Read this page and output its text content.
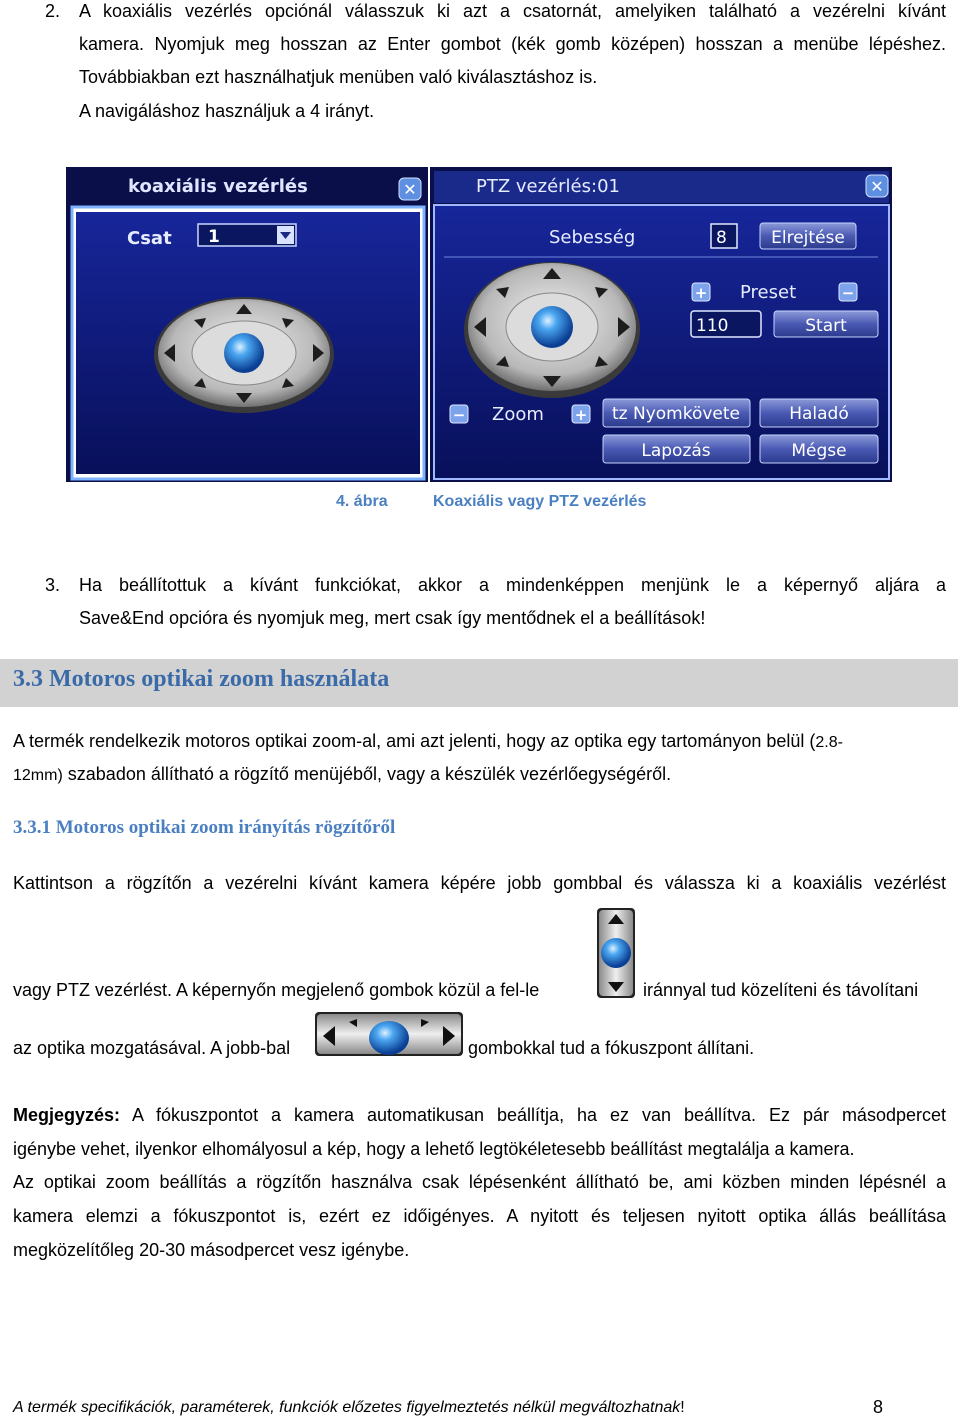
2. A koaxiális vezérlés opciónál válasszuk ki azt a csatornát, amelyiken található a vezérelni kívánt
kamera. Nyomjuk meg hosszan az Enter gombot (kék gomb középen) hosszan a menübe lépéshez.
Továbbiakban ezt használhatjuk menüben való kiválasztáshoz is.
A navigáláshoz használjuk a 4 irányt.
koaxiális vezérlés	✕
Csat 1
PTZ vezérlés:01	✕
Sebesség	8	Elrejtése
+ Preset	−
110	Start
− Zoom + tz Nyomkövete	Haladó
Lapozás	Mégse
4. ábra	Koaxiális vagy PTZ vezérlés
3. Ha beállítottuk a kívánt funkciókat, akkor a mindenképpen menjünk le a képernyő aljára a
Save&End opcióra és nyomjuk meg, mert csak így mentődnek el a beállítások!
3.3 Motoros optikai zoom használata
A termék rendelkezik motoros optikai zoom-al, ami azt jelenti, hogy az optika egy tartományon belül (2.8-
12mm) szabadon állítható a rögzítő menüjéből, vagy a készülék vezérlőegységéről.
3.3.1 Motoros optikai zoom irányítás rögzítőről
Kattintson a rögzítőn a vezérelni kívánt kamera képére jobb gombbal és válassza ki a koaxiális vezérlést
vagy PTZ vezérlést. A képernyőn megjelenő gombok közül a fel-le	iránnyal tud közelíteni és távolítani
az optika mozgatásával. A jobb-bal	gombokkal tud a fókuszpont állítani.
Megjegyzés: A fókuszpontot a kamera automatikusan beállítja, ha ez van beállítva. Ez pár másodpercet
igénybe vehet, ilyenkor elhomályosul a kép, hogy a lehető legtökéletesebb beállítást megtalálja a kamera.
Az optikai zoom beállítás a rögzítőn használva csak lépésenként állítható be, ami közben minden lépésnél a
kamera elemzi a fókuszpontot is, ezért ez időigényes. A nyitott és teljesen nyitott optika állás beállítása
megközelítőleg 20-30 másodpercet vesz igénybe.
A termék specifikációk, paraméterek, funkciók előzetes figyelmeztetés nélkül megváltozhatnak!	8
